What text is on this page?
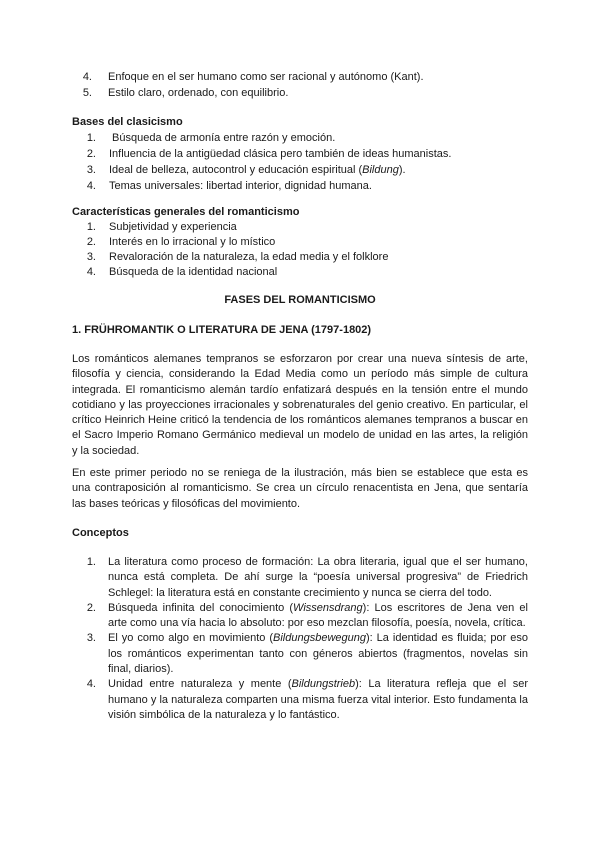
4. Enfoque en el ser humano como ser racional y autónomo (Kant).
5. Estilo claro, ordenado, con equilibrio.
Bases del clasicismo
1. Búsqueda de armonía entre razón y emoción.
2. Influencia de la antigüedad clásica pero también de ideas humanistas.
3. Ideal de belleza, autocontrol y educación espiritual (Bildung).
4. Temas universales: libertad interior, dignidad humana.
Características generales del romanticismo
1. Subjetividad y experiencia
2. Interés en lo irracional y lo místico
3. Revaloración de la naturaleza, la edad media y el folklore
4. Búsqueda de la identidad nacional
FASES DEL ROMANTICISMO
1. FRÜHROMANTIK O LITERATURA DE JENA (1797-1802)

Los románticos alemanes tempranos se esforzaron por crear una nueva síntesis de arte, filosofía y ciencia, considerando la Edad Media como un período más simple de cultura integrada. El romanticismo alemán tardío enfatizará después en la tensión entre el mundo cotidiano y las proyecciones irracionales y sobrenaturales del genio creativo. En particular, el crítico Heinrich Heine criticó la tendencia de los románticos alemanes tempranos a buscar en el Sacro Imperio Romano Germánico medieval un modelo de unidad en las artes, la religión y la sociedad.

En este primer periodo no se reniega de la ilustración, más bien se establece que esta es una contraposición al romanticismo. Se crea un círculo renacentista en Jena, que sentaría las bases teóricas y filosóficas del movimiento.

Conceptos
1. La literatura como proceso de formación: La obra literaria, igual que el ser humano, nunca está completa. De ahí surge la “poesía universal progresiva” de Friedrich Schlegel: la literatura está en constante crecimiento y nunca se cierra del todo.

2. Búsqueda infinita del conocimiento (Wissensdrang): Los escritores de Jena ven el arte como una vía hacia lo absoluto: por eso mezclan filosofía, poesía, novela, crítica.

3. El yo como algo en movimiento (Bildungsbewegung): La identidad es fluida; por eso los románticos experimentan tanto con géneros abiertos (fragmentos, novelas sin final, diarios).

4. Unidad entre naturaleza y mente (Bildungstrieb): La literatura refleja que el ser humano y la naturaleza comparten una misma fuerza vital interior. Esto fundamenta la visión simbólica de la naturaleza y lo fantástico.
